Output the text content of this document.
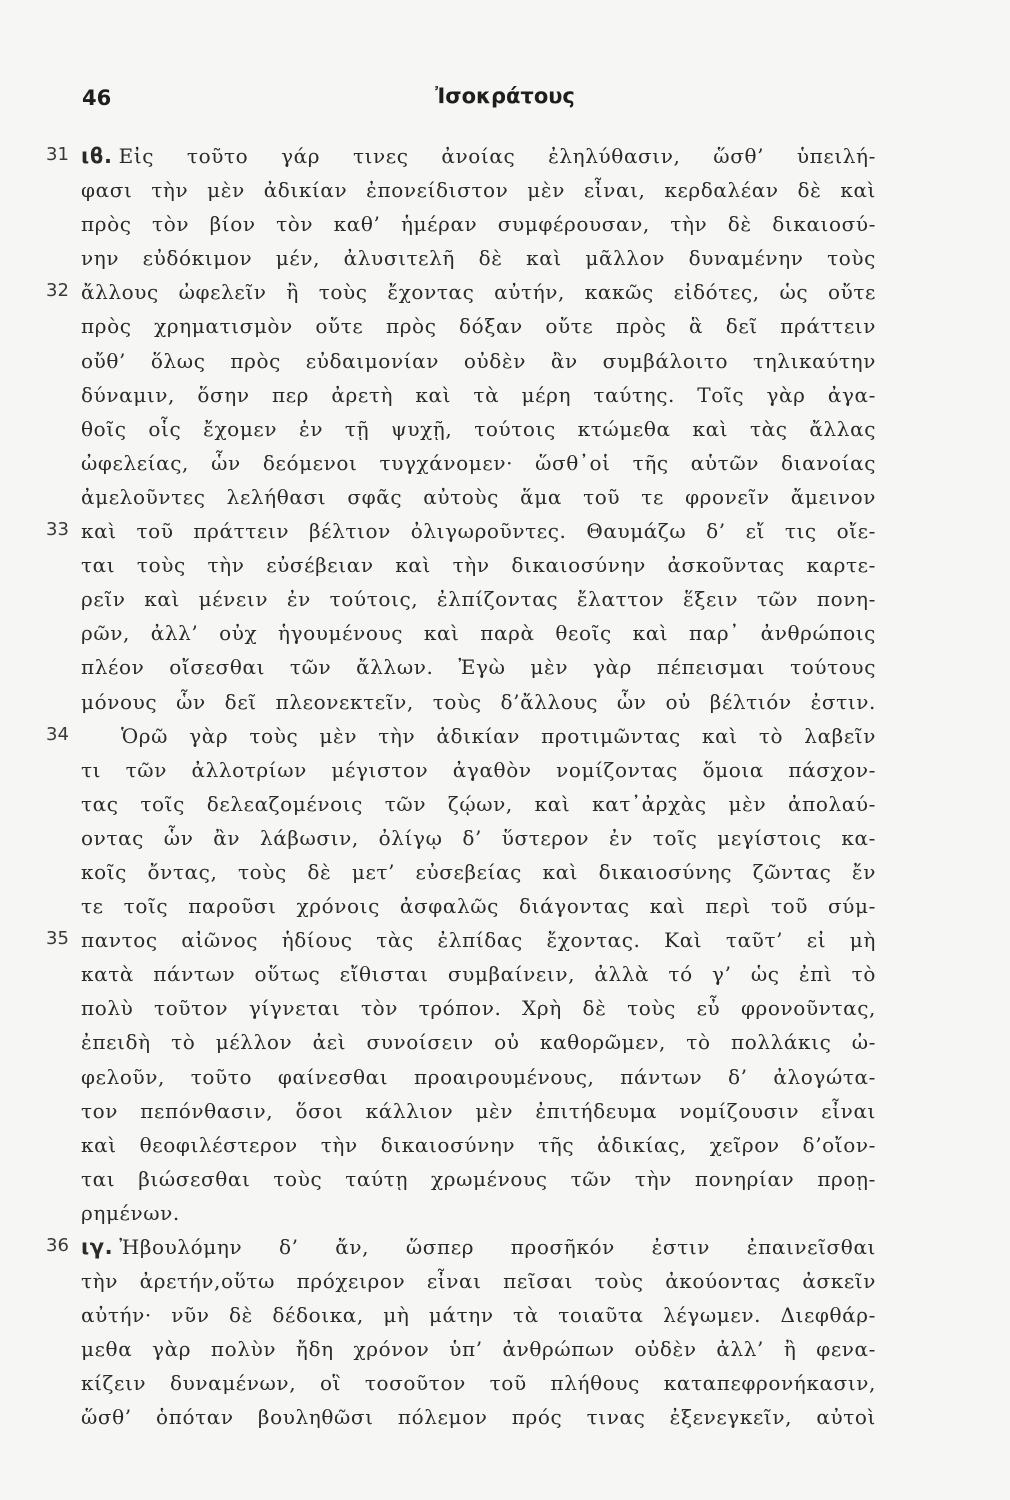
46	Ἰσοκράτους
31 ιϐ. Εἰς τοῦτο γάρ τινες ἀνοίας ἐληλύθασιν, ὥσθ’ ὑπειλή-
φασι τὴν μὲν ἀδικίαν ἐπονείδιστον μὲν εἶναι, κερδαλέαν δὲ καὶ
πρὸς τὸν βίον τὸν καθ’ ἡμέραν συμφέρουσαν, τὴν δὲ δικαιοσύ-
νην εὐδόκιμον μέν, ἀλυσιτελῆ δὲ καὶ μᾶλλον δυναμένην τοὺς
32 ἄλλους ὠφελεῖν ἢ τοὺς ἔχοντας αὐτήν, κακῶς εἰδότες, ὡς οὔτε
πρὸς χρηματισμὸν οὔτε πρὸς δόξαν οὔτε πρὸς ἃ δεῖ πράττειν
οὔθ’ ὅλως πρὸς εὐδαιμονίαν οὐδὲν ἂν συμβάλοιτο τηλικαύτην
δύναμιν, ὅσην περ ἀρετὴ καὶ τὰ μέρη ταύτης. Τοῖς γὰρ ἀγα-
θοῖς οἷς ἔχομεν ἐν τῇ ψυχῇ, τούτοις κτώμεθα καὶ τὰς ἄλλας
ὠφελείας, ὧν δεόμενοι τυγχάνομεν· ὥσθ᾽οἱ τῆς αὑτῶν διανοίας
ἀμελοῦντες λελήθασι σφᾶς αὐτοὺς ἅμα τοῦ τε φρονεῖν ἄμεινον
33 καὶ τοῦ πράττειν βέλτιον ὀλιγωροῦντες. Θαυμάζω δ’ εἴ τις οἴε-
ται τοὺς τὴν εὐσέβειαν καὶ τὴν δικαιοσύνην ἀσκοῦντας καρτε-
ρεῖν καὶ μένειν ἐν τούτοις, ἐλπίζοντας ἔλαττον ἕξειν τῶν πονη-
ρῶν, ἀλλ’ οὐχ ἡγουμένους καὶ παρὰ θεοῖς καὶ παρ᾽ ἀνθρώποις
πλέον οἴσεσθαι τῶν ἄλλων. Ἐγὼ μὲν γὰρ πέπεισμαι τούτους
μόνους ὧν δεῖ πλεονεκτεῖν, τοὺς δ’ἄλλους ὧν οὐ βέλτιόν ἐστιν.
34	Ὁρῶ γὰρ τοὺς μὲν τὴν ἀδικίαν προτιμῶντας καὶ τὸ λαβεῖν
τι τῶν ἀλλοτρίων μέγιστον ἀγαθὸν νομίζοντας ὅμοια πάσχον-
τας τοῖς δελεαζομένοις τῶν ζῴων, καὶ κατ᾽ἀρχὰς μὲν ἀπολαύ-
οντας ὧν ἂν λάβωσιν, ὀλίγῳ δ’ ὕστερον ἐν τοῖς μεγίστοις κα-
κοῖς ὄντας, τοὺς δὲ μετ’ εὐσεβείας καὶ δικαιοσύνης ζῶντας ἔν
τε τοῖς παροῦσι χρόνοις ἀσφαλῶς διάγοντας καὶ περὶ τοῦ σύμ-
35 παντος αἰῶνος ἡδίους τὰς ἐλπίδας ἔχοντας. Καὶ ταῦτ’ εἰ μὴ
κατὰ πάντων οὕτως εἴθισται συμβαίνειν, ἀλλὰ τό γ’ ὡς ἐπὶ τὸ
πολὺ τοῦτον γίγνεται τὸν τρόπον. Χρὴ δὲ τοὺς εὖ φρονοῦντας,
ἐπειδὴ τὸ μέλλον ἀεὶ συνοίσειν οὐ καθορῶμεν, τὸ πολλάκις ὠ-
φελοῦν, τοῦτο φαίνεσθαι προαιρουμένους, πάντων δ’ ἀλογώτα-
τον πεπόνθασιν, ὅσοι κάλλιον μὲν ἐπιτήδευμα νομίζουσιν εἶναι
καὶ θεοφιλέστερον τὴν δικαιοσύνην τῆς ἀδικίας, χεῖρον δ’οἴον-
ται βιώσεσθαι τοὺς ταύτῃ χρωμένους τῶν τὴν πονηρίαν προῃ-
ρημένων.
36 ιγ. Ἠβουλόμην δ’ ἄν, ὥσπερ προσῆκόν ἐστιν ἐπαινεῖσθαι
τὴν ἀρετήν,οὕτω πρόχειρον εἶναι πεῖσαι τοὺς ἀκούοντας ἀσκεῖν
αὐτήν· νῦν δὲ δέδοικα, μὴ μάτην τὰ τοιαῦτα λέγωμεν. Διεφθάρ-
μεθα γὰρ πολὺν ἤδη χρόνον ὑπ’ ἀνθρώπων οὐδὲν ἀλλ’ ἢ φενα-
κίζειν δυναμένων, οἳ τοσοῦτον τοῦ πλήθους καταπεφρονήκασιν,
ὥσθ’ ὁπόταν βουληθῶσι πόλεμον πρός τινας ἐξενεγκεῖν, αὐτοὶ
